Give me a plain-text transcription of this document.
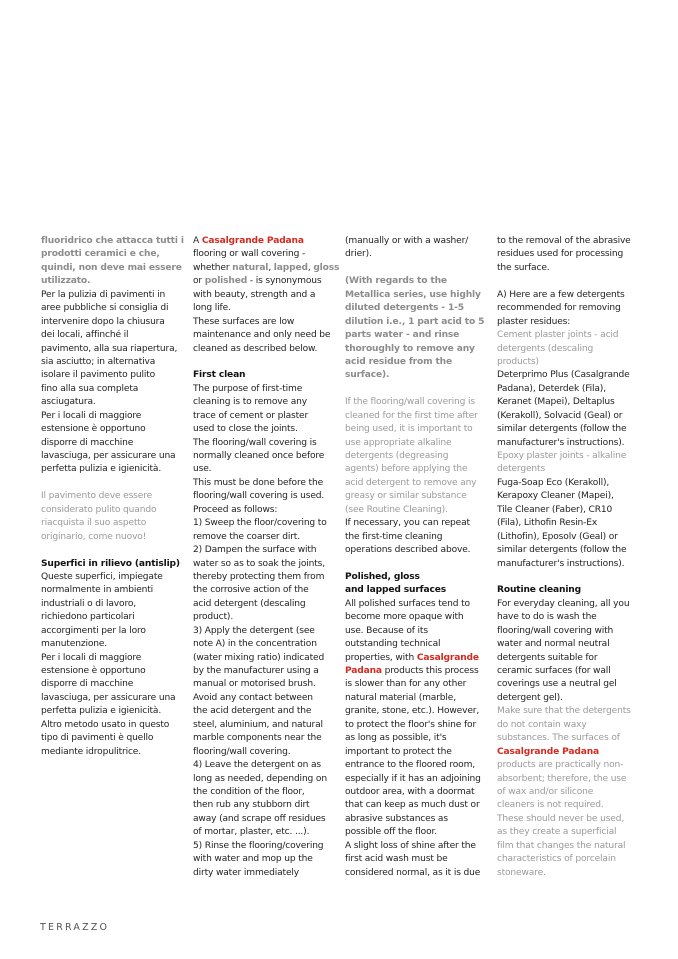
fluoridrico che attacca tutti i
prodotti ceramici e che,
quindi, non deve mai essere
utilizzato.
Per la pulizia di pavimenti in
aree pubbliche si consiglia di
intervenire dopo la chiusura
dei locali, affinché il
pavimento, alla sua riapertura,
sia asciutto; in alternativa
isolare il pavimento pulito
fino alla sua completa
asciugatura.
Per i locali di maggiore
estensione è opportuno
disporre di macchine
lavasciuga, per assicurare una
perfetta pulizia e igienicità.
Il pavimento deve essere
considerato pulito quando
riacquista il suo aspetto
originario, come nuovo!
Superfici in rilievo (antislip)
Queste superfici, impiegate
normalmente in ambienti
industriali o di lavoro,
richiedono particolari
accorgimenti per la loro
manutenzione.
Per i locali di maggiore
estensione è opportuno
disporre di macchine
lavasciuga, per assicurare una
perfetta pulizia e igienicità.
Altro metodo usato in questo
tipo di pavimenti è quello
mediante idropulitrice.
A Casalgrande Padana
flooring or wall covering -
whether natural, lapped, gloss
or polished - is synonymous
with beauty, strength and a
long life.
These surfaces are low
maintenance and only need be
cleaned as described below.
First clean
The purpose of first-time
cleaning is to remove any
trace of cement or plaster
used to close the joints.
The flooring/wall covering is
normally cleaned once before
use.
This must be done before the
flooring/wall covering is used.
Proceed as follows:
1) Sweep the floor/covering to
remove the coarser dirt.
2) Dampen the surface with
water so as to soak the joints,
thereby protecting them from
the corrosive action of the
acid detergent (descaling
product).
3) Apply the detergent (see
note A) in the concentration
(water mixing ratio) indicated
by the manufacturer using a
manual or motorised brush.
Avoid any contact between
the acid detergent and the
steel, aluminium, and natural
marble components near the
flooring/wall covering.
4) Leave the detergent on as
long as needed, depending on
the condition of the floor,
then rub any stubborn dirt
away (and scrape off residues
of mortar, plaster, etc. ...).
5) Rinse the flooring/covering
with water and mop up the
dirty water immediately
(manually or with a washer/
drier).
(With regards to the
Metallica series, use highly
diluted detergents - 1-5
dilution i.e., 1 part acid to 5
parts water - and rinse
thoroughly to remove any
acid residue from the
surface).
If the flooring/wall covering is
cleaned for the first time after
being used, it is important to
use appropriate alkaline
detergents (degreasing
agents) before applying the
acid detergent to remove any
greasy or similar substance
(see Routine Cleaning).
If necessary, you can repeat
the first-time cleaning
operations described above.
Polished, gloss
and lapped surfaces
All polished surfaces tend to
become more opaque with
use. Because of its
outstanding technical
properties, with Casalgrande
Padana products this process
is slower than for any other
natural material (marble,
granite, stone, etc.). However,
to protect the floor's shine for
as long as possible, it's
important to protect the
entrance to the floored room,
especially if it has an adjoining
outdoor area, with a doormat
that can keep as much dust or
abrasive substances as
possible off the floor.
A slight loss of shine after the
first acid wash must be
considered normal, as it is due
to the removal of the abrasive
residues used for processing
the surface.
A) Here are a few detergents
recommended for removing
plaster residues:
Cement plaster joints - acid
detergents (descaling
products)
Deterprimo Plus (Casalgrande
Padana), Deterdek (Fila),
Keranet (Mapei), Deltaplus
(Kerakoll), Solvacid (Geal) or
similar detergents (follow the
manufacturer's instructions).
Epoxy plaster joints - alkaline
detergents
Fuga-Soap Eco (Kerakoll),
Kerapoxy Cleaner (Mapei),
Tile Cleaner (Faber), CR10
(Fila), Lithofin Resin-Ex
(Lithofin), Eposolv (Geal) or
similar detergents (follow the
manufacturer's instructions).
Routine cleaning
For everyday cleaning, all you
have to do is wash the
flooring/wall covering with
water and normal neutral
detergents suitable for
ceramic surfaces (for wall
coverings use a neutral gel
detergent gel).
Make sure that the detergents
do not contain waxy
substances. The surfaces of
Casalgrande Padana
products are practically non-
absorbent; therefore, the use
of wax and/or silicone
cleaners is not required.
These should never be used,
as they create a superficial
film that changes the natural
characteristics of porcelain
stoneware.
TERRAZZO
